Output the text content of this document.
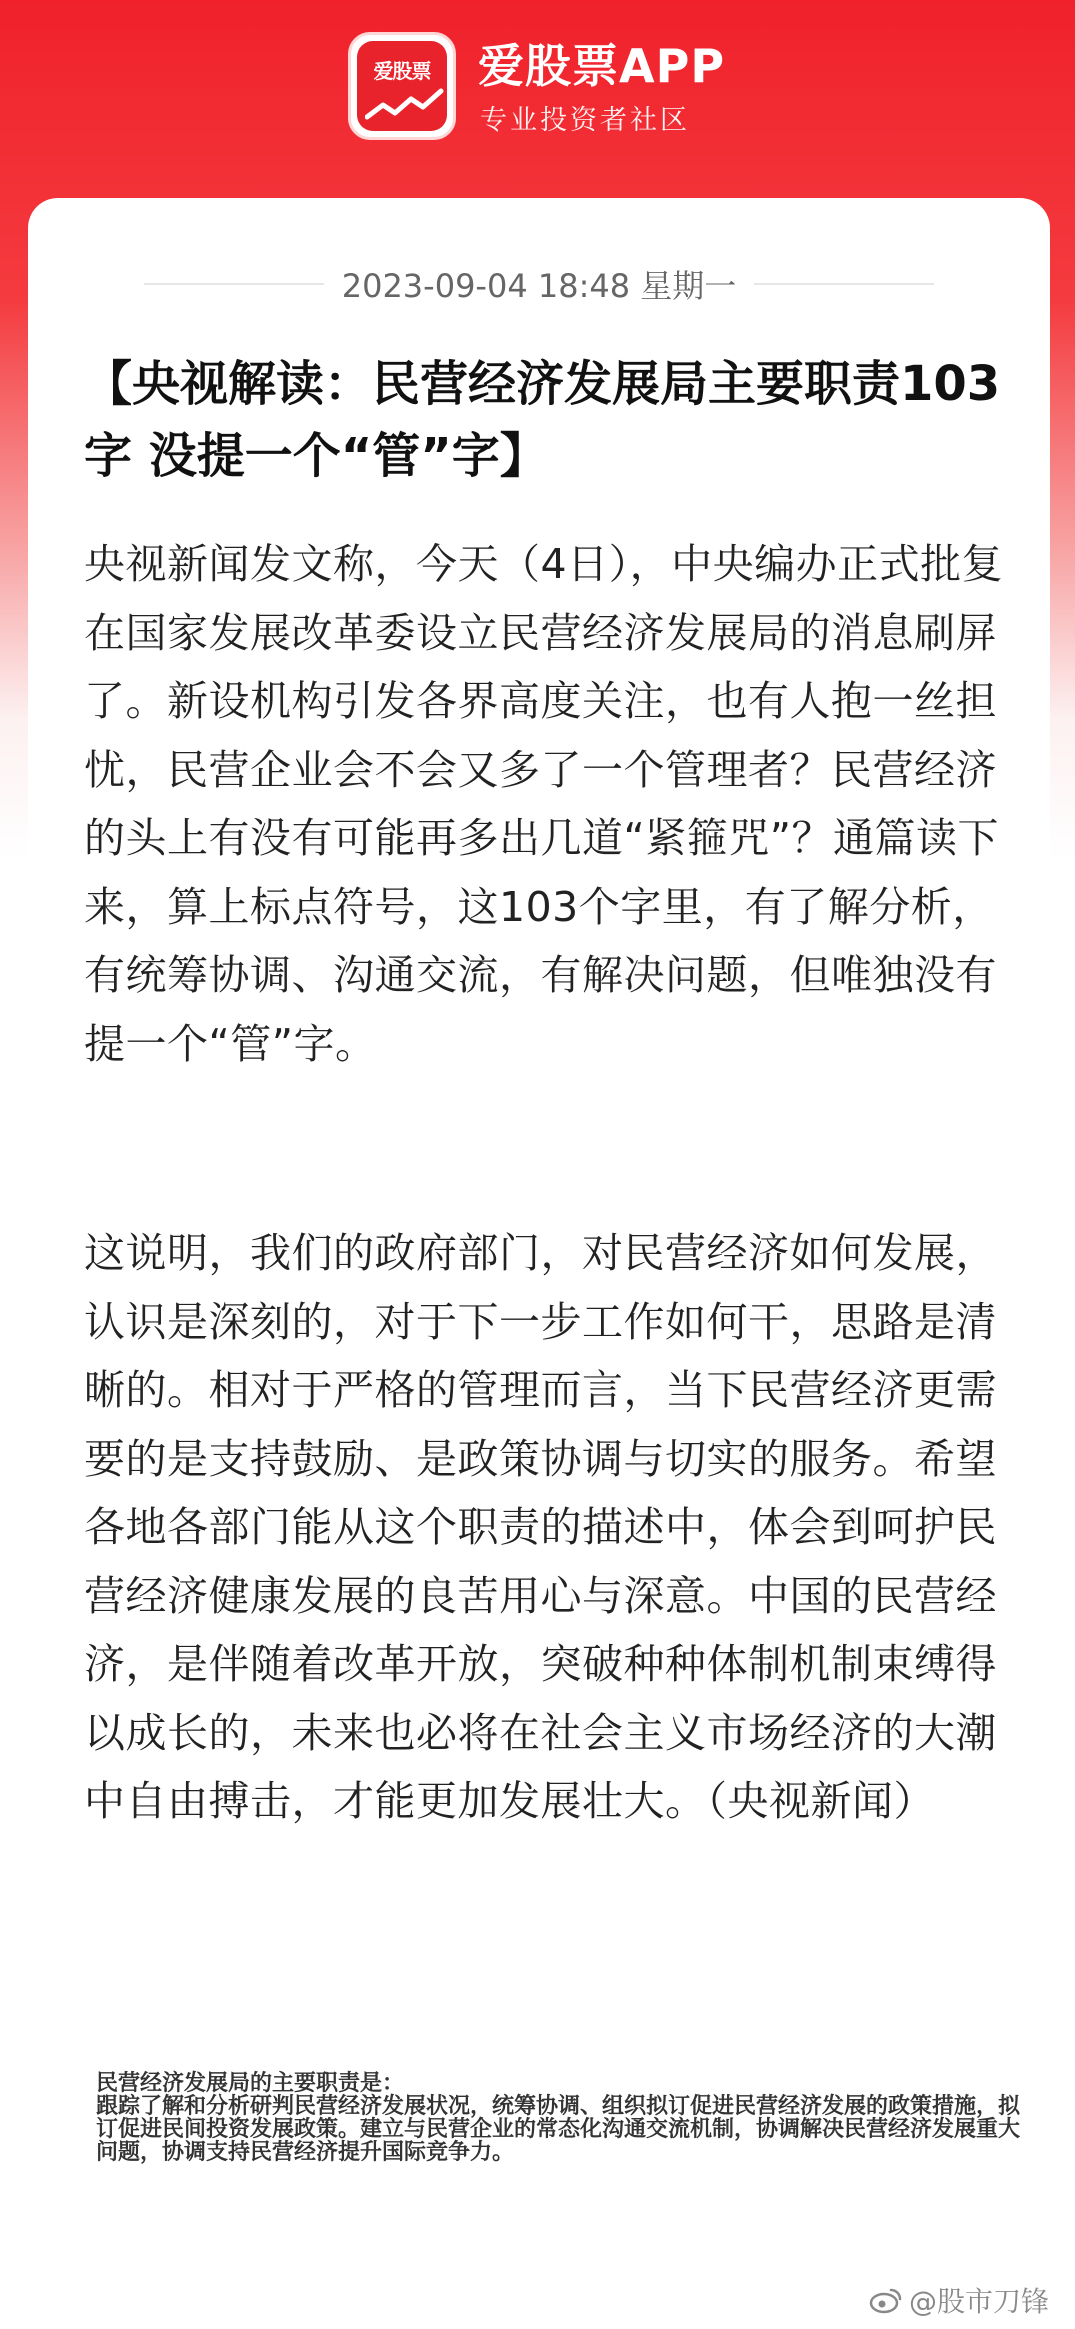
爱股票	爱股票APP
专业投资者社区
2023-09-04 18:48 星期一
【央视解读：民营经济发展局主要职责103字 没提一个“管”字】
央视新闻发文称，今天（4日），中央编办正式批复在国家发展改革委设立民营经济发展局的消息刷屏了。新设机构引发各界高度关注，也有人抱一丝担忧，民营企业会不会又多了一个管理者？民营经济的头上有没有可能再多出几道“紧箍咒”？通篇读下来，算上标点符号，这103个字里，有了解分析，有统筹协调、沟通交流，有解决问题，但唯独没有提一个“管”字。
这说明，我们的政府部门，对民营经济如何发展，认识是深刻的，对于下一步工作如何干，思路是清晰的。相对于严格的管理而言，当下民营经济更需要的是支持鼓励、是政策协调与切实的服务。希望各地各部门能从这个职责的描述中，体会到呵护民营经济健康发展的良苦用心与深意。中国的民营经济，是伴随着改革开放，突破种种体制机制束缚得以成长的，未来也必将在社会主义市场经济的大潮中自由搏击，才能更加发展壮大。（央视新闻）
民营经济发展局的主要职责是：
跟踪了解和分析研判民营经济发展状况，统筹协调、组织拟订促进民营经济发展的政策措施，拟订促进民间投资发展政策。建立与民营企业的常态化沟通交流机制，协调解决民营经济发展重大问题，协调支持民营经济提升国际竞争力。
@股市刀锋
